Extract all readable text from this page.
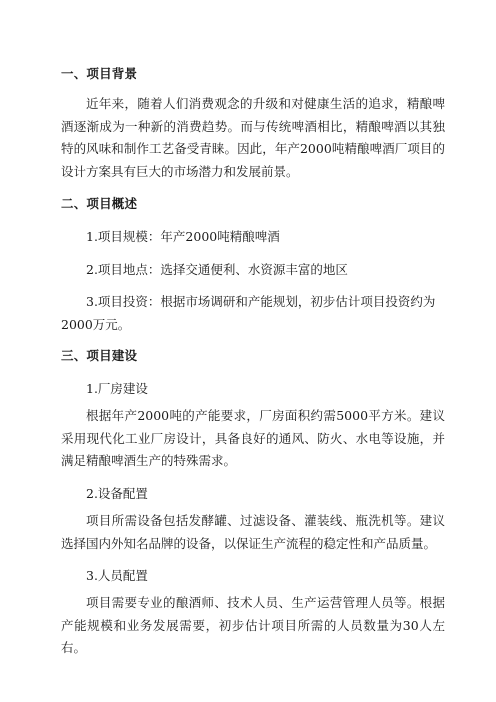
一、项目背景
近年来，随着人们消费观念的升级和对健康生活的追求，精酿啤酒逐渐成为一种新的消费趋势。而与传统啤酒相比，精酿啤酒以其独特的风味和制作工艺备受青睐。因此，年产2000吨精酿啤酒厂项目的设计方案具有巨大的市场潜力和发展前景。
二、项目概述
1.项目规模：年产2000吨精酿啤酒
2.项目地点：选择交通便利、水资源丰富的地区
3.项目投资：根据市场调研和产能规划，初步估计项目投资约为
2000万元。
三、项目建设
1.厂房建设
根据年产2000吨的产能要求，厂房面积约需5000平方米。建议采用现代化工业厂房设计，具备良好的通风、防火、水电等设施，并满足精酿啤酒生产的特殊需求。
2.设备配置
项目所需设备包括发酵罐、过滤设备、灌装线、瓶洗机等。建议选择国内外知名品牌的设备，以保证生产流程的稳定性和产品质量。
3.人员配置
项目需要专业的酿酒师、技术人员、生产运营管理人员等。根据产能规模和业务发展需要，初步估计项目所需的人员数量为30人左右。
